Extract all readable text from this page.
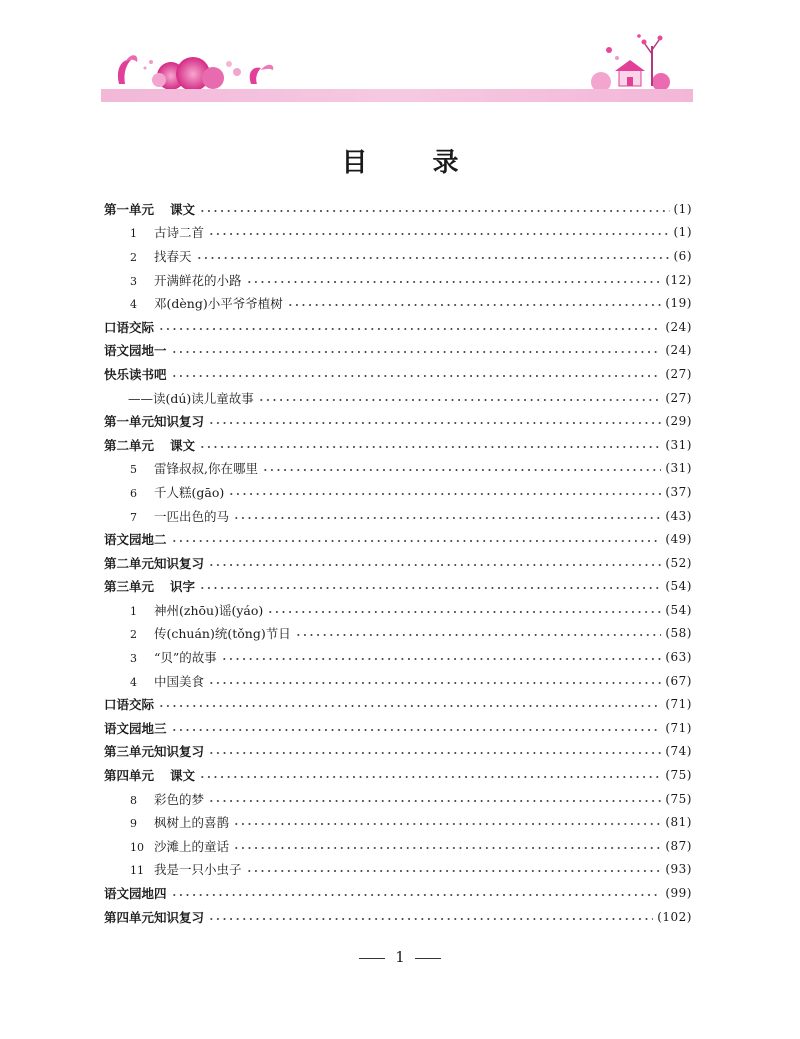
目 录
第一单元 课文	(1)
1 古诗二首	(1)
2 找春天	(6)
3 开满鲜花的小路	(12)
4 邓(dèng)小平爷爷植树	(19)
口语交际	(24)
语文园地一	(24)
快乐读书吧	(27)
——读(dú)读儿童故事	(27)
第一单元知识复习	(29)
第二单元 课文	(31)
5 雷锋叔叔,你在哪里	(31)
6 千人糕(gāo)	(37)
7 一匹出色的马	(43)
语文园地二	(49)
第二单元知识复习	(52)
第三单元 识字	(54)
1 神州(zhōu)谣(yáo)	(54)
2 传(chuán)统(tǒng)节日	(58)
3 “贝”的故事	(63)
4 中国美食	(67)
口语交际	(71)
语文园地三	(71)
第三单元知识复习	(74)
第四单元 课文	(75)
8 彩色的梦	(75)
9 枫树上的喜鹊	(81)
10 沙滩上的童话	(87)
11 我是一只小虫子	(93)
语文园地四	(99)
第四单元知识复习	(102)
1
